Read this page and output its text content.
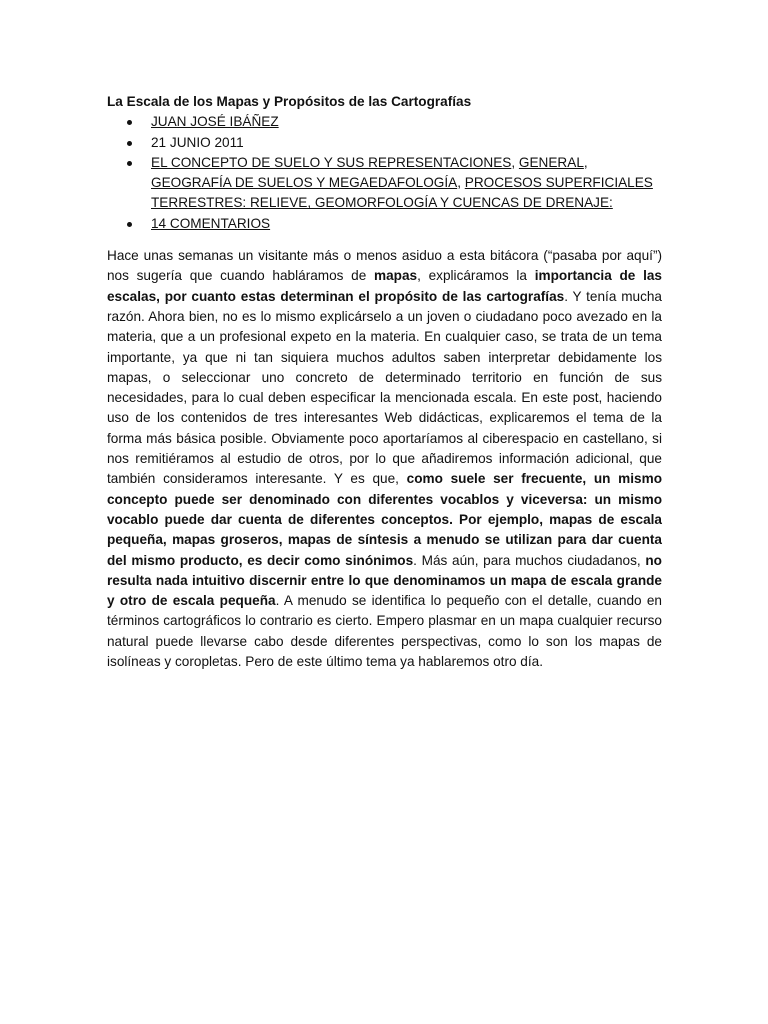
La Escala de los Mapas y Propósitos de las Cartografías

JUAN JOSÉ IBÁÑEZ
21 JUNIO 2011
EL CONCEPTO DE SUELO Y SUS REPRESENTACIONES, GENERAL, GEOGRAFÍA DE SUELOS Y MEGAEDAFOLOGÍA, PROCESOS SUPERFICIALES TERRESTRES: RELIEVE, GEOMORFOLOGÍA Y CUENCAS DE DRENAJE:
14 COMENTARIOS

Hace unas semanas un visitante más o menos asiduo a esta bitácora (“pasaba por aquí”) nos sugería que cuando habláramos de mapas, explicáramos la importancia de las escalas, por cuanto estas determinan el propósito de las cartografías. Y tenía mucha razón. Ahora bien, no es lo mismo explicárselo a un joven o ciudadano poco avezado en la materia, que a un profesional expeto en la materia. En cualquier caso, se trata de un tema importante, ya que ni tan siquiera muchos adultos saben interpretar debidamente los mapas, o seleccionar uno concreto de determinado territorio en función de sus necesidades, para lo cual deben especificar la mencionada escala. En este post, haciendo uso de los contenidos de tres interesantes Web didácticas, explicaremos el tema de la forma más básica posible. Obviamente poco aportaríamos al ciberespacio en castellano, si nos remitiéramos al estudio de otros, por lo que añadiremos información adicional, que también consideramos interesante. Y es que, como suele ser frecuente, un mismo concepto puede ser denominado con diferentes vocablos y viceversa: un mismo vocablo puede dar cuenta de diferentes conceptos. Por ejemplo, mapas de escala pequeña, mapas groseros, mapas de síntesis a menudo se utilizan para dar cuenta del mismo producto, es decir como sinónimos. Más aún, para muchos ciudadanos, no resulta nada intuitivo discernir entre lo que denominamos un mapa de escala grande y otro de escala pequeña. A menudo se identifica lo pequeño con el detalle, cuando en términos cartográficos lo contrario es cierto. Empero plasmar en un mapa cualquier recurso natural puede llevarse cabo desde diferentes perspectivas, como lo son los mapas de isolíneas y coropletas. Pero de este último tema ya hablaremos otro día.
